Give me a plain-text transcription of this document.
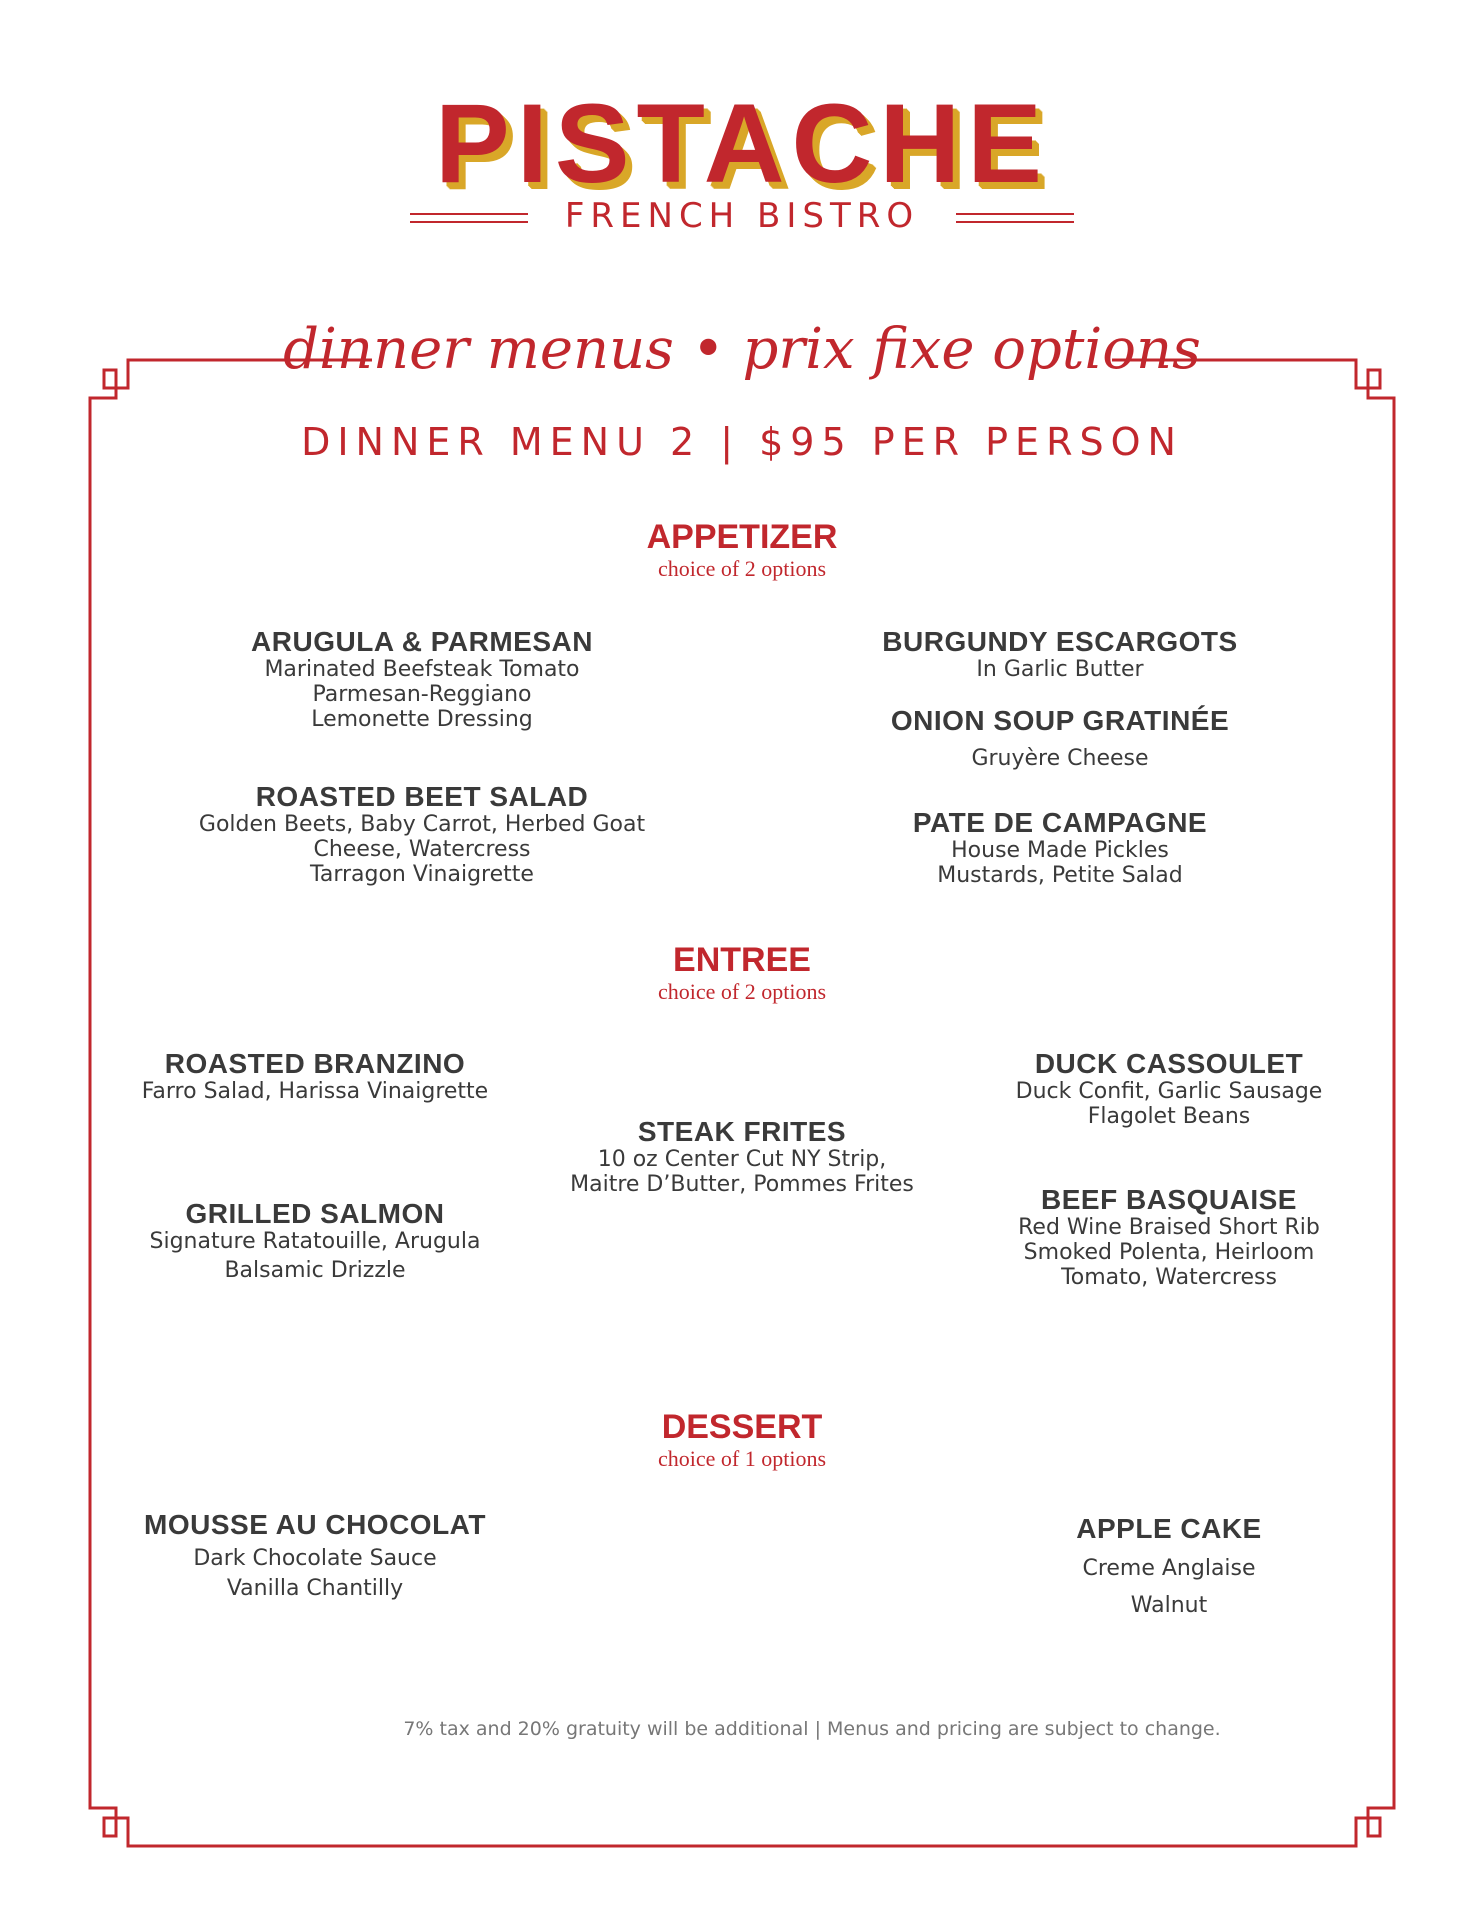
PISTACHE
FRENCH BISTRO
dinner menus • prix fixe options
DINNER MENU 2 | $95 PER PERSON
APPETIZER
choice of 2 options
ARUGULA & PARMESAN
Marinated Beefsteak Tomato
Parmesan-Reggiano
Lemonette Dressing
ROASTED BEET SALAD
Golden Beets, Baby Carrot, Herbed Goat
Cheese, Watercress
Tarragon Vinaigrette
BURGUNDY ESCARGOTS
In Garlic Butter
ONION SOUP GRATINÉE
Gruyère Cheese
PATE DE CAMPAGNE
House Made Pickles
Mustards, Petite Salad
ENTREE
choice of 2 options
ROASTED BRANZINO
Farro Salad, Harissa Vinaigrette
GRILLED SALMON
Signature Ratatouille, Arugula
Balsamic Drizzle
STEAK FRITES
10 oz Center Cut NY Strip,
Maitre D’Butter, Pommes Frites
DUCK CASSOULET
Duck Confit, Garlic Sausage
Flagolet Beans
BEEF BASQUAISE
Red Wine Braised Short Rib
Smoked Polenta, Heirloom
Tomato, Watercress
DESSERT
choice of 1 options
MOUSSE AU CHOCOLAT
Dark Chocolate Sauce
Vanilla Chantilly
APPLE CAKE
Creme Anglaise
Walnut
7% tax and 20% gratuity will be additional | Menus and pricing are subject to change.
